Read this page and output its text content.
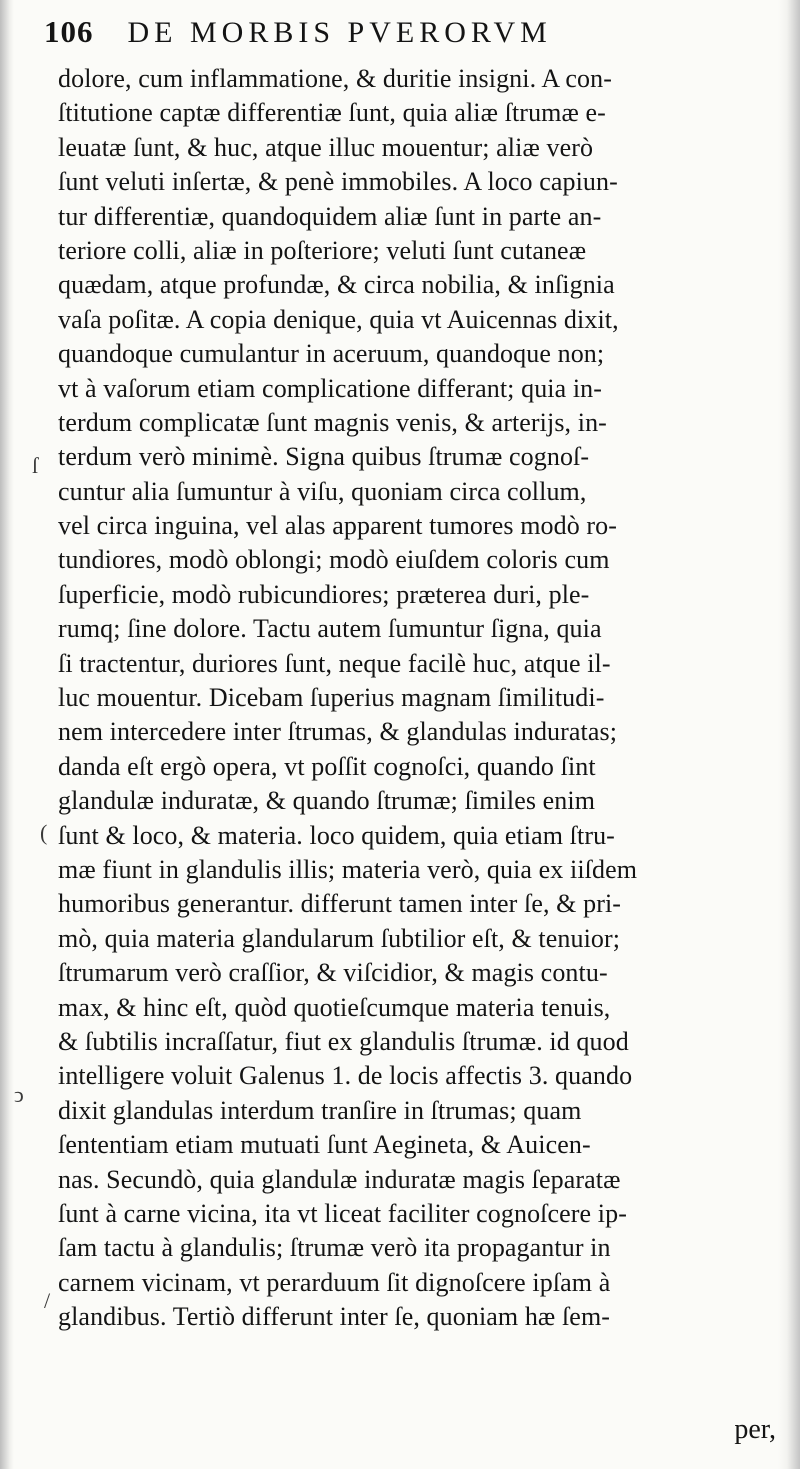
106 DE MORBIS PVERORVM
dolore, cum inflammatione, & duritie insigni. A con-
ſtitutione captæ differentiæ ſunt, quia aliæ ſtrumæ e-
leuatæ ſunt, & huc, atque illuc mouentur; aliæ verò
ſunt veluti inſertæ, & penè immobiles. A loco capiun-
tur differentiæ, quandoquidem aliæ ſunt in parte an-
teriore colli, aliæ in poſteriore; veluti ſunt cutaneæ
quædam, atque profundæ, & circa nobilia, & inſignia
vaſa poſitæ. A copia denique, quia vt Auicennas dixit,
quandoque cumulantur in aceruum, quandoque non;
vt à vaſorum etiam complicatione differant; quia in-
terdum complicatæ ſunt magnis venis, & arterijs, in-
terdum verò minimè. Signa quibus ſtrumæ cognoſ-
cuntur alia ſumuntur à viſu, quoniam circa collum,
vel circa inguina, vel alas apparent tumores modò ro-
tundiores, modò oblongi; modò eiuſdem coloris cum
ſuperficie, modò rubicundiores; præterea duri, ple-
rumq; ſine dolore. Tactu autem ſumuntur ſigna, quia
ſi tractentur, duriores ſunt, neque facilè huc, atque il-
luc mouentur. Dicebam ſuperius magnam ſimilitudi-
nem intercedere inter ſtrumas, & glandulas induratas;
danda eſt ergò opera, vt poſſit cognoſci, quando ſint
glandulæ induratæ, & quando ſtrumæ; ſimiles enim
ſunt & loco, & materia. loco quidem, quia etiam ſtru-
mæ fiunt in glandulis illis; materia verò, quia ex iiſdem
humoribus generantur. differunt tamen inter ſe, & pri-
mò, quia materia glandularum ſubtilior eſt, & tenuior;
ſtrumarum verò craſſior, & viſcidior, & magis contu-
max, & hinc eſt, quòd quotieſcumque materia tenuis,
& ſubtilis incraſſatur, fiut ex glandulis ſtrumæ. id quod
intelligere voluit Galenus 1. de locis affectis 3. quando
dixit glandulas interdum tranſire in ſtrumas; quam
ſententiam etiam mutuati ſunt Aegineta, & Auicen-
nas. Secundò, quia glandulæ induratæ magis ſeparatæ
ſunt à carne vicina, ita vt liceat faciliter cognoſcere ip-
ſam tactu à glandulis; ſtrumæ verò ita propagantur in
carnem vicinam, vt perarduum ſit dignoſcere ipſam à
glandibus. Tertiò differunt inter ſe, quoniam hæ ſem-
per,
ſ
(
ↄ
/
